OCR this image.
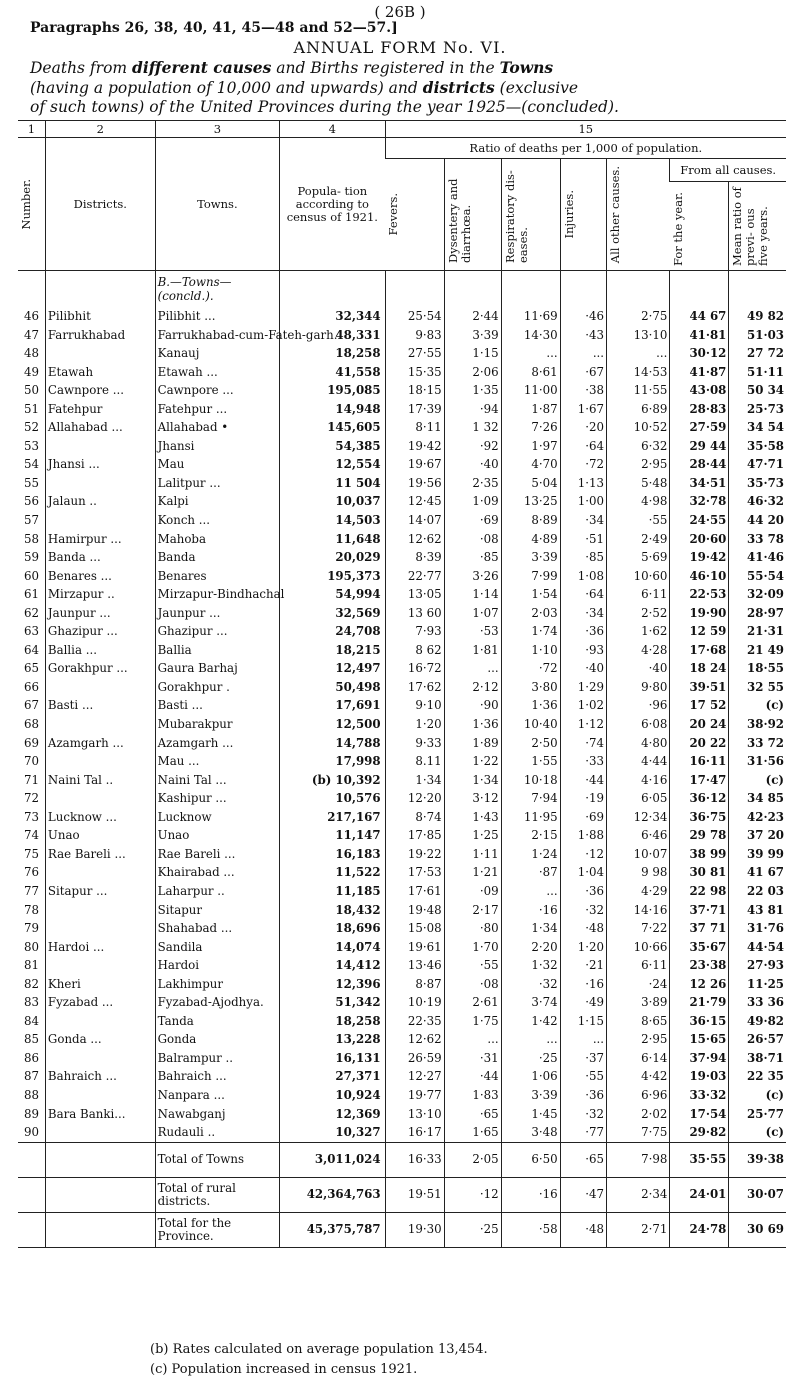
( 26B )
Paragraphs 26, 38, 40, 41, 45—48 and 52—57.]
ANNUAL FORM No. VI.
Deaths from different causes and Births registered in the Towns
(having a population of 10,000 and upwards) and districts (exclusive
of such towns) of the United Provinces during the year 1925—(concluded).
1	2	3	4	15						

Number.	Districts.	Towns.	Popula- tion according to census of 1921.	Ratio of deaths per 1,000 of population.						

				Fevers.	Dysentery and diarrhœa.	Respiratory dis- eases.	Injuries.	All other causes.	From all causes.	

									For the year.	Mean ratio of previ- ous five years.

		B.—Towns— (concld.).								
46	Pilibhit	Pilibhit ...	32,344	25·54	2·44	11·69	·46	2·75	44 67	49 82
47	Farrukhabad	Farrukhabad-cum-Fateh-garh.	48,331	9·83	3·39	14·30	·43	13·10	41·81	51·03
48		Kanauj	18,258	27·55	1·15	...	...	...	30·12	27 72
49	Etawah	Etawah ...	41,558	15·35	2·06	8·61	·67	14·53	41·87	51·11
50	Cawnpore ...	Cawnpore ...	195,085	18·15	1·35	11·00	·38	11·55	43·08	50 34
51	Fatehpur	Fatehpur ...	14,948	17·39	·94	1·87	1·67	6·89	28·83	25·73
52	Allahabad ...	Allahabad •	145,605	8·11	1 32	7·26	·20	10·52	27·59	34 54
53		Jhansi	54,385	19·42	·92	1·97	·64	6·32	29 44	35·58
54	Jhansi ...	Mau	12,554	19·67	·40	4·70	·72	2·95	28·44	47·71
55		Lalitpur ...	11 504	19·56	2·35	5·04	1·13	5·48	34·51	35·73
56	Jalaun ..	Kalpi	10,037	12·45	1·09	13·25	1·00	4·98	32·78	46·32
57		Konch ...	14,503	14·07	·69	8·89	·34	·55	24·55	44 20
58	Hamirpur ...	Mahoba	11,648	12·62	·08	4·89	·51	2·49	20·60	33 78
59	Banda ...	Banda	20,029	8·39	·85	3·39	·85	5·69	19·42	41·46
60	Benares ...	Benares	195,373	22·77	3·26	7·99	1·08	10·60	46·10	55·54
61	Mirzapur ..	Mirzapur-Bindhachal	54,994	13·05	1·14	1·54	·64	6·11	22·53	32·09
62	Jaunpur ...	Jaunpur ...	32,569	13 60	1·07	2·03	·34	2·52	19·90	28·97
63	Ghazipur ...	Ghazipur ...	24,708	7·93	·53	1·74	·36	1·62	12 59	21·31
64	Ballia ...	Ballia	18,215	8 62	1·81	1·10	·93	4·28	17·68	21 49
65	Gorakhpur ...	Gaura Barhaj	12,497	16·72	...	·72	·40	·40	18 24	18·55
66		Gorakhpur .	50,498	17·62	2·12	3·80	1·29	9·80	39·51	32 55
67	Basti ...	Basti ...	17,691	9·10	·90	1·36	1·02	·96	17 52	(c)
68		Mubarakpur	12,500	1·20	1·36	10·40	1·12	6·08	20 24	38·92
69	Azamgarh ...	Azamgarh ...	14,788	9·33	1·89	2·50	·74	4·80	20 22	33 72
70		Mau ...	17,998	8.11	1·22	1·55	·33	4·44	16·11	31·56
71	Naini Tal ..	Naini Tal ...	(b) 10,392	1·34	1·34	10·18	·44	4·16	17·47	(c)
72		Kashipur ...	10,576	12·20	3·12	7·94	·19	6·05	36·12	34 85
73	Lucknow ...	Lucknow	217,167	8·74	1·43	11·95	·69	12·34	36·75	42·23
74	Unao	Unao	11,147	17·85	1·25	2·15	1·88	6·46	29 78	37 20
75	Rae Bareli ...	Rae Bareli ...	16,183	19·22	1·11	1·24	·12	10·07	38 99	39 99
76		Khairabad ...	11,522	17·53	1·21	·87	1·04	9 98	30 81	41 67
77	Sitapur ...	Laharpur ..	11,185	17·61	·09	...	·36	4·29	22 98	22 03
78		Sitapur	18,432	19·48	2·17	·16	·32	14·16	37·71	43 81
79		Shahabad ...	18,696	15·08	·80	1·34	·48	7·22	37 71	31·76
80	Hardoi ...	Sandila	14,074	19·61	1·70	2·20	1·20	10·66	35·67	44·54
81		Hardoi	14,412	13·46	·55	1·32	·21	6·11	23·38	27·93
82	Kheri	Lakhimpur	12,396	8·87	·08	·32	·16	·24	12 26	11·25
83	Fyzabad ...	Fyzabad-Ajodhya.	51,342	10·19	2·61	3·74	·49	3·89	21·79	33 36
84		Tanda	18,258	22·35	1·75	1·42	1·15	8·65	36·15	49·82
85	Gonda ...	Gonda	13,228	12·62	...	...	...	2·95	15·65	26·57
86		Balrampur ..	16,131	26·59	·31	·25	·37	6·14	37·94	38·71
87	Bahraich ...	Bahraich ...	27,371	12·27	·44	1·06	·55	4·42	19·03	22 35
88		Nanpara ...	10,924	19·77	1·83	3·39	·36	6·96	33·32	(c)
89	Bara Banki...	Nawabganj	12,369	13·10	·65	1·45	·32	2·02	17·54	25·77
90		Rudauli ..	10,327	16·17	1·65	3·48	·77	7·75	29·82	(c)
		Total of Towns	3,011,024	16·33	2·05	6·50	·65	7·98	35·55	39·38
		Total of rural districts.	42,364,763	19·51	·12	·16	·47	2·34	24·01	30·07
		Total for the Province.	45,375,787	19·30	·25	·58	·48	2·71	24·78	30 69
(b) Rates calculated on average population 13,454.
(c) Population increased in census 1921.
